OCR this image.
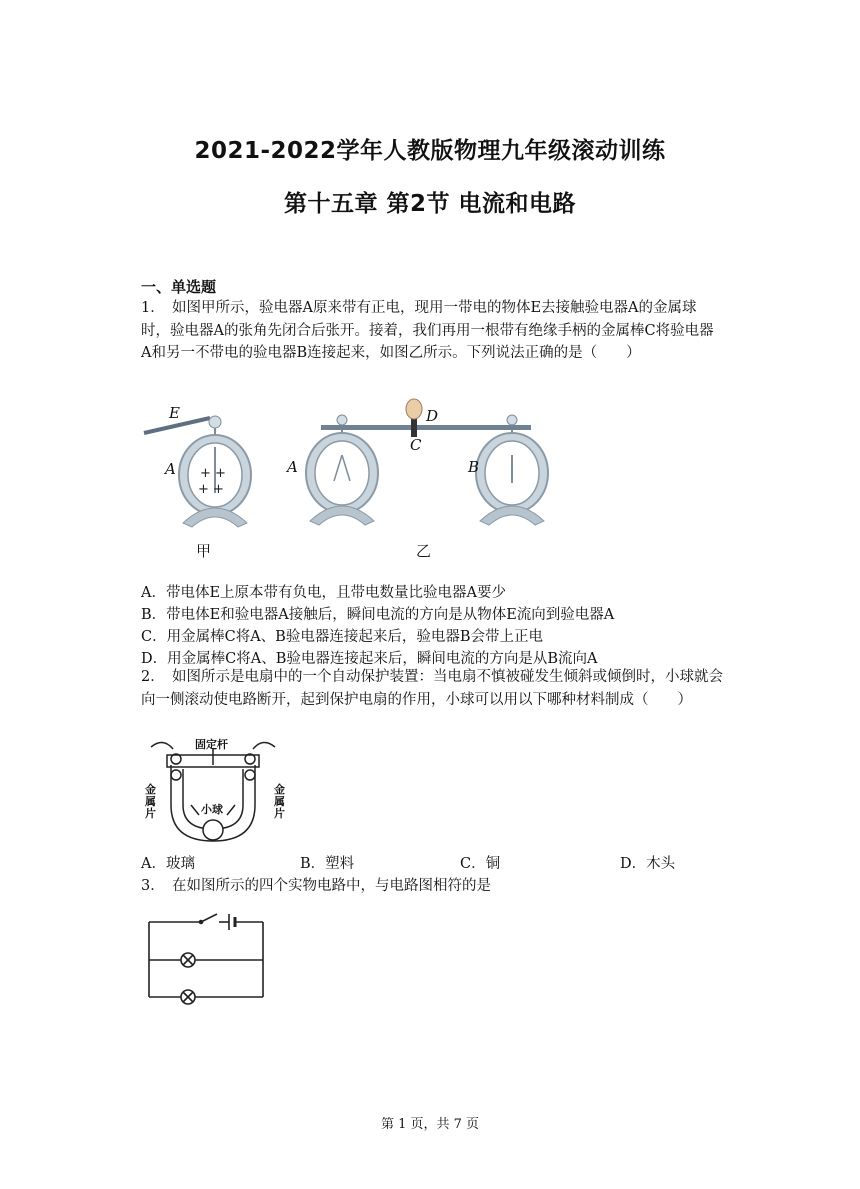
2021-2022学年人教版物理九年级滚动训练
第十五章 第2节 电流和电路
一、单选题
1．　如图甲所示，验电器A原来带有正电，现用一带电的物体E去接触验电器A的金属球时，验电器A的张角先闭合后张开。接着，我们再用一根带有绝缘手柄的金属棒C将验电器A和另一不带电的验电器B连接起来，如图乙所示。下列说法正确的是（　　）
+ +
+ +
E
A	A	B
C
D
甲	乙
A．带电体E上原本带有负电，且带电数量比验电器A要少
B．带电体E和验电器A接触后，瞬间电流的方向是从物体E流向到验电器A
C．用金属棒C将A、B验电器连接起来后，验电器B会带上正电
D．用金属棒C将A、B验电器连接起来后，瞬间电流的方向是从B流向A
2．　如图所示是电扇中的一个自动保护装置：当电扇不慎被碰发生倾斜或倾倒时，小球就会向一侧滚动使电路断开，起到保护电扇的作用，小球可以用以下哪种材料制成（　　）
固定杆
小球
金属片
金属片
A．玻璃	B．塑料	C．铜	D．木头
3．　在如图所示的四个实物电路中，与电路图相符的是
第 1 页，共 7 页
